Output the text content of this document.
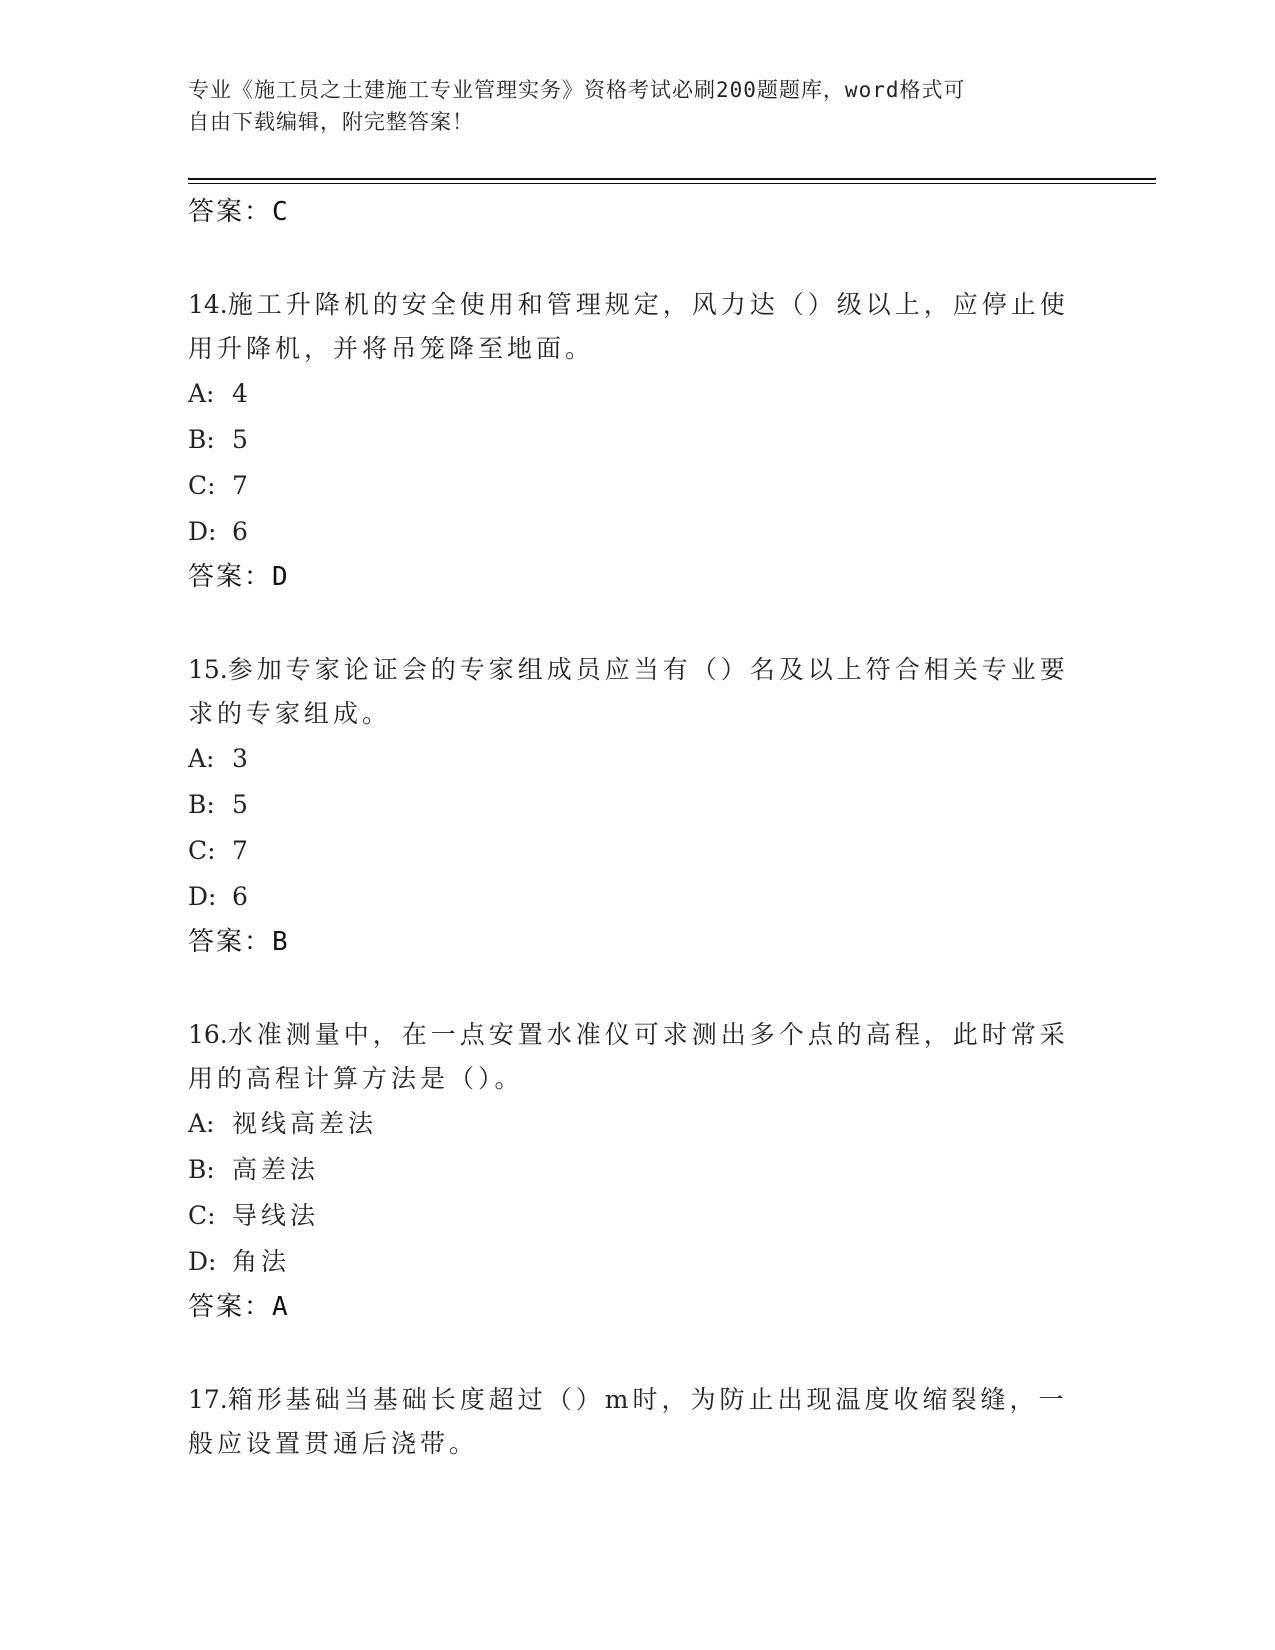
专业《施工员之土建施工专业管理实务》资格考试必刷200题题库，word格式可
自由下载编辑，附完整答案！
答案：C
14.施工升降机的安全使用和管理规定，风力达（）级以上，应停止使
用升降机，并将吊笼降至地面。
A: 4
B: 5
C: 7
D: 6
答案：D
15.参加专家论证会的专家组成员应当有（）名及以上符合相关专业要
求的专家组成。
A: 3
B: 5
C: 7
D: 6
答案：B
16.水准测量中，在一点安置水准仪可求测出多个点的高程，此时常采
用的高程计算方法是（）。
A: 视线高差法
B: 高差法
C: 导线法
D: 角法
答案：A
17.箱形基础当基础长度超过（）m时，为防止出现温度收缩裂缝，一
般应设置贯通后浇带。
